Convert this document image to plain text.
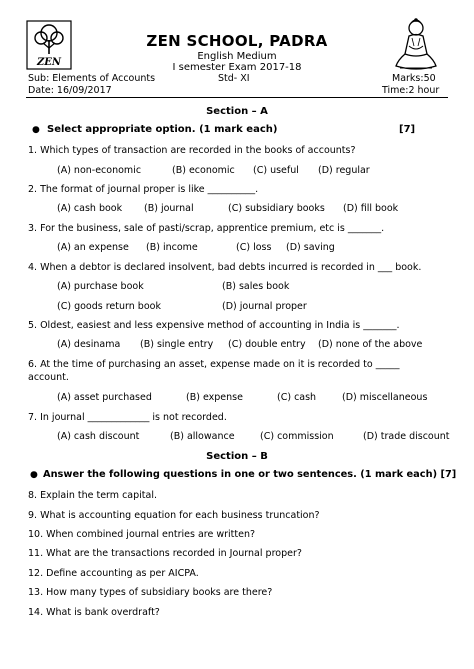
ZEN
ZEN SCHOOL, PADRA
English Medium
I semester Exam 2017-18
Sub: Elements of Accounts	Std- XI	Marks:50
Date: 16/09/2017	Time:2 hour
Section – A
● Select appropriate option. (1 mark each)	[7]
1. Which types of transaction are recorded in the books of accounts?
(A) non-economic	(B) economic (C) useful (D) regular
2. The format of journal proper is like __________.
(A) cash book (B) journal	(C) subsidiary books (D) fill book
3. For the business, sale of pasti/scrap, apprentice premium, etc is _______.
(A) an expense (B) income	(C) loss (D) saving
4. When a debtor is declared insolvent, bad debts incurred is recorded in ___ book.
(A) purchase book	(B) sales book
(C) goods return book	(D) journal proper
5. Oldest, easiest and less expensive method of accounting in India is _______.
(A) desinama (B) single entry (C) double entry (D) none of the above
6. At the time of purchasing an asset, expense made on it is recorded to _____
account.
(A) asset purchased	(B) expense	(C) cash	(D) miscellaneous
7. In journal _____________ is not recorded.
(A) cash discount	(B) allowance	(C) commission	(D) trade discount
Section – B
● Answer the following questions in one or two sentences. (1 mark each) [7]
8. Explain the term capital.
9. What is accounting equation for each business truncation?
10. When combined journal entries are written?
11. What are the transactions recorded in Journal proper?
12. Define accounting as per AICPA.
13. How many types of subsidiary books are there?
14. What is bank overdraft?
